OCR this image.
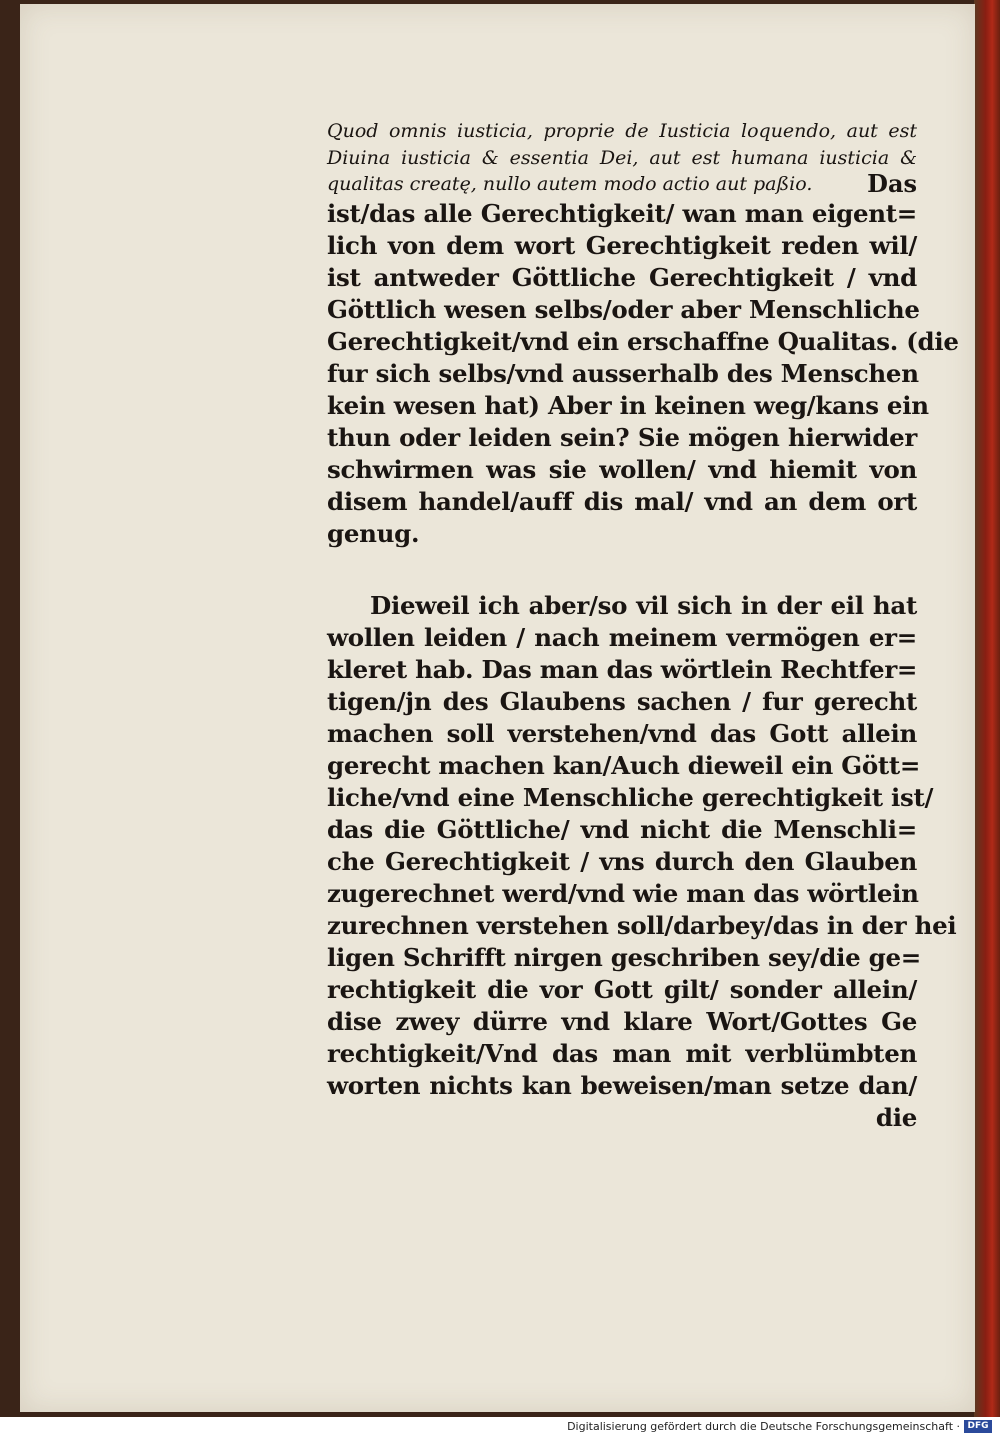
Quod omnis iusticia, proprie de Iusticia loquendo, aut est
Diuina iusticia & essentia Dei, aut est humana iusticia &
qualitas creatę, nullo autem modo actio aut paßio. Das
ist/das alle Gerechtigkeit/ wan man eigent=
lich von dem wort Gerechtigkeit reden wil/
ist antweder Göttliche Gerechtigkeit / vnd
Göttlich wesen selbs/oder aber Menschliche
Gerechtigkeit/vnd ein erschaffne Qualitas. (die
fur sich selbs/vnd ausserhalb des Menschen
kein wesen hat) Aber in keinen weg/kans ein
thun oder leiden sein? Sie mögen hierwider
schwirmen was sie wollen/ vnd hiemit von
disem handel/auff dis mal/ vnd an dem ort
genug.
Dieweil ich aber/so vil sich in der eil hat
wollen leiden / nach meinem vermögen er=
kleret hab. Das man das wörtlein Rechtfer=
tigen/jn des Glaubens sachen / fur gerecht
machen soll verstehen/vnd das Gott allein
gerecht machen kan/Auch dieweil ein Gött=
liche/vnd eine Menschliche gerechtigkeit ist/
das die Göttliche/ vnd nicht die Menschli=
che Gerechtigkeit / vns durch den Glauben
zugerechnet werd/vnd wie man das wörtlein
zurechnen verstehen soll/darbey/das in der hei
ligen Schrifft nirgen geschriben sey/die ge=
rechtigkeit die vor Gott gilt/ sonder allein/
dise zwey dürre vnd klare Wort/Gottes Ge
rechtigkeit/Vnd das man mit verblümbten
worten nichts kan beweisen/man setze dan/
die
Digitalisierung gefördert durch die Deutsche Forschungsgemeinschaft · DFG
